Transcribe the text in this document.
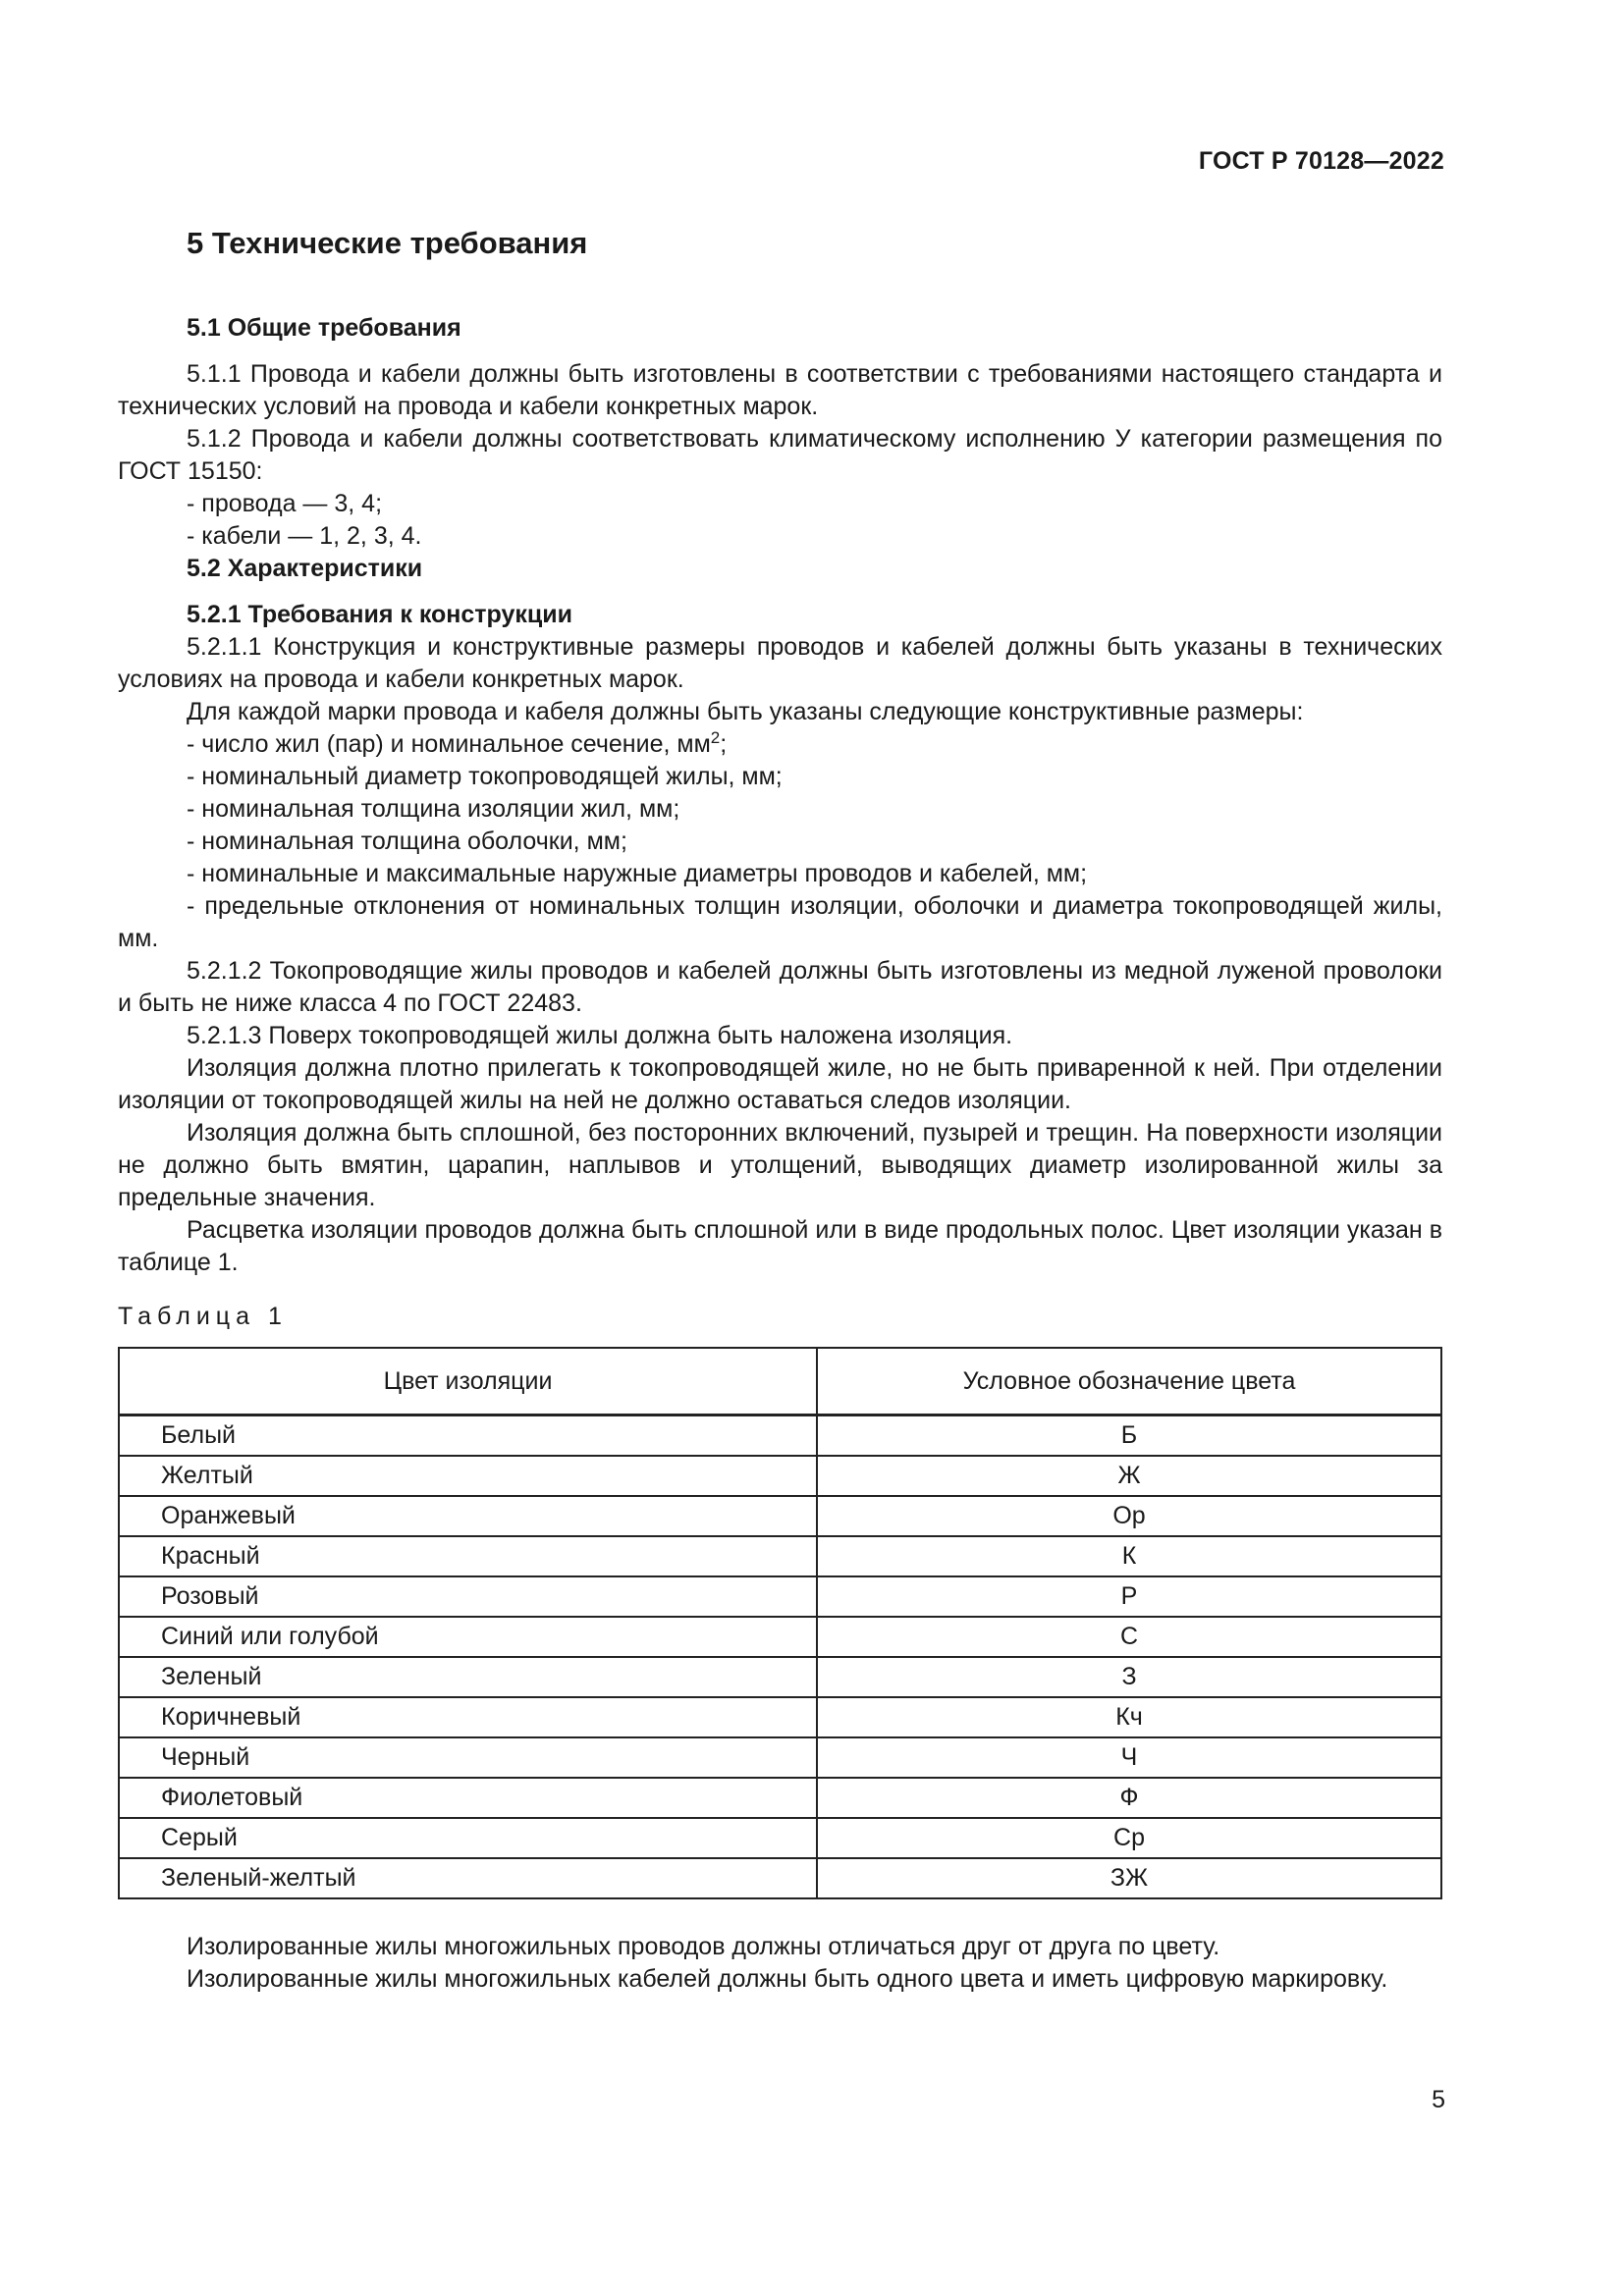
ГОСТ Р 70128—2022
5 Технические требования
5.1 Общие требования

5.1.1 Провода и кабели должны быть изготовлены в соответствии с требованиями настоящего стандарта и технических условий на провода и кабели конкретных марок.

5.1.2 Провода и кабели должны соответствовать климатическому исполнению У категории размещения по ГОСТ 15150:

- провода — 3, 4;
- кабели — 1, 2, 3, 4.
5.2 Характеристики
5.2.1 Требования к конструкции

5.2.1.1 Конструкция и конструктивные размеры проводов и кабелей должны быть указаны в технических условиях на провода и кабели конкретных марок.

Для каждой марки провода и кабеля должны быть указаны следующие конструктивные размеры:

- число жил (пар) и номинальное сечение, $мм^2$;
- номинальный диаметр токопроводящей жилы, мм;
- номинальная толщина изоляции жил, мм;
- номинальная толщина оболочки, мм;
- номинальные и максимальные наружные диаметры проводов и кабелей, мм;

- предельные отклонения от номинальных толщин изоляции, оболочки и диаметра токопроводящей жилы, мм.

5.2.1.2 Токопроводящие жилы проводов и кабелей должны быть изготовлены из медной луженой проволоки и быть не ниже класса 4 по ГОСТ 22483.

5.2.1.3 Поверх токопроводящей жилы должна быть наложена изоляция.

Изоляция должна плотно прилегать к токопроводящей жиле, но не быть приваренной к ней. При отделении изоляции от токопроводящей жилы на ней не должно оставаться следов изоляции.

Изоляция должна быть сплошной, без посторонних включений, пузырей и трещин. На поверхности изоляции не должно быть вмятин, царапин, наплывов и утолщений, выводящих диаметр изолированной жилы за предельные значения.

Расцветка изоляции проводов должна быть сплошной или в виде продольных полос. Цвет изоляции указан в таблице 1.

Таблица 1
Цвет изоляции	Условное обозначение цвета
Белый	Б
Желтый	Ж
Оранжевый	Ор
Красный	К
Розовый	Р
Синий или голубой	С
Зеленый	З
Коричневый	Кч
Черный	Ч
Фиолетовый	Ф
Серый	Ср
Зеленый-желтый	ЗЖ

Изолированные жилы многожильных проводов должны отличаться друг от друга по цвету.

Изолированные жилы многожильных кабелей должны быть одного цвета и иметь цифровую маркировку.

5
